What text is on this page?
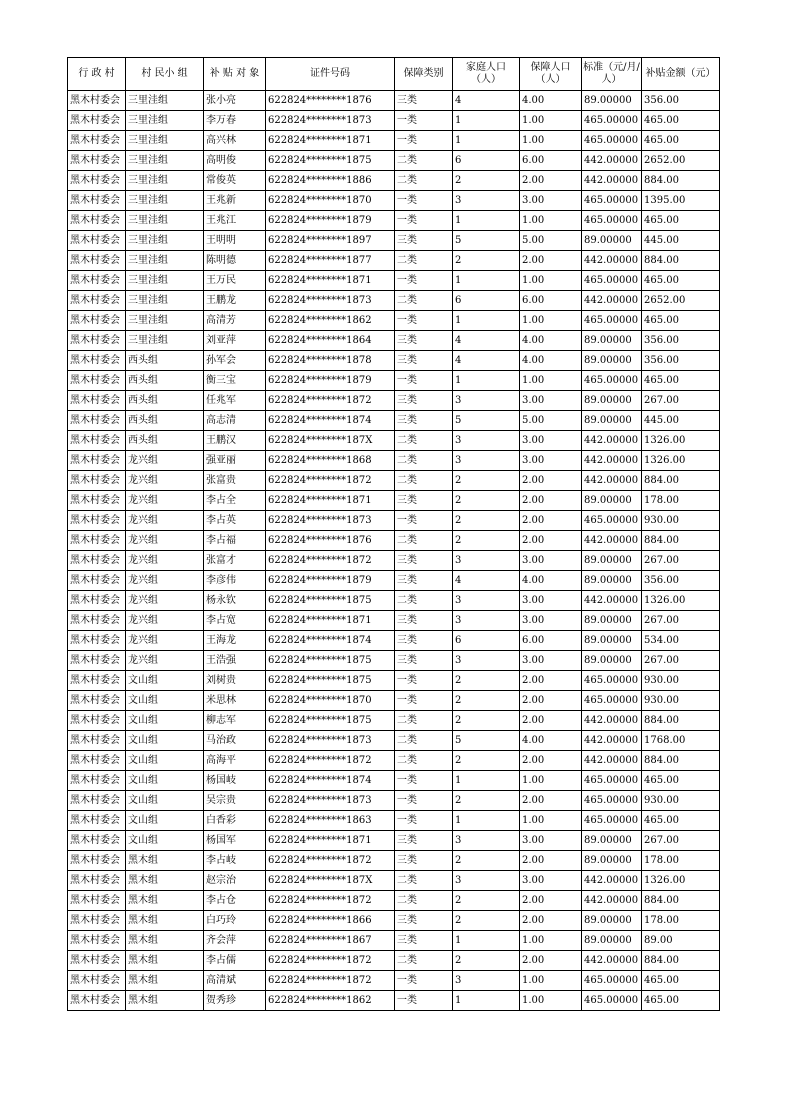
行 政 村	村 民小 组	补 贴 对 象	证件号码	保障类别	家庭人口（人）	保障人口（人）	标准（元/月/人）	补贴金额（元）
黑木村委会	三里洼组	张小亮	622824********1876	三类	4	4.00	89.00000	356.00
黑木村委会	三里洼组	李万春	622824********1873	一类	1	1.00	465.00000	465.00
黑木村委会	三里洼组	高兴林	622824********1871	一类	1	1.00	465.00000	465.00
黑木村委会	三里洼组	高明俊	622824********1875	二类	6	6.00	442.00000	2652.00
黑木村委会	三里洼组	常俊英	622824********1886	二类	2	2.00	442.00000	884.00
黑木村委会	三里洼组	王兆新	622824********1870	一类	3	3.00	465.00000	1395.00
黑木村委会	三里洼组	王兆江	622824********1879	一类	1	1.00	465.00000	465.00
黑木村委会	三里洼组	王明明	622824********1897	三类	5	5.00	89.00000	445.00
黑木村委会	三里洼组	陈明德	622824********1877	二类	2	2.00	442.00000	884.00
黑木村委会	三里洼组	王万民	622824********1871	一类	1	1.00	465.00000	465.00
黑木村委会	三里洼组	王鹏龙	622824********1873	二类	6	6.00	442.00000	2652.00
黑木村委会	三里洼组	高清芳	622824********1862	一类	1	1.00	465.00000	465.00
黑木村委会	三里洼组	刘亚萍	622824********1864	三类	4	4.00	89.00000	356.00
黑木村委会	西头组	孙军会	622824********1878	三类	4	4.00	89.00000	356.00
黑木村委会	西头组	衡三宝	622824********1879	一类	1	1.00	465.00000	465.00
黑木村委会	西头组	任兆军	622824********1872	三类	3	3.00	89.00000	267.00
黑木村委会	西头组	高志清	622824********1874	三类	5	5.00	89.00000	445.00
黑木村委会	西头组	王鹏汉	622824********187X	二类	3	3.00	442.00000	1326.00
黑木村委会	龙兴组	强亚丽	622824********1868	二类	3	3.00	442.00000	1326.00
黑木村委会	龙兴组	张富贵	622824********1872	二类	2	2.00	442.00000	884.00
黑木村委会	龙兴组	李占全	622824********1871	三类	2	2.00	89.00000	178.00
黑木村委会	龙兴组	李占英	622824********1873	一类	2	2.00	465.00000	930.00
黑木村委会	龙兴组	李占福	622824********1876	二类	2	2.00	442.00000	884.00
黑木村委会	龙兴组	张富才	622824********1872	三类	3	3.00	89.00000	267.00
黑木村委会	龙兴组	李彦伟	622824********1879	三类	4	4.00	89.00000	356.00
黑木村委会	龙兴组	杨永钦	622824********1875	二类	3	3.00	442.00000	1326.00
黑木村委会	龙兴组	李占宽	622824********1871	三类	3	3.00	89.00000	267.00
黑木村委会	龙兴组	王海龙	622824********1874	三类	6	6.00	89.00000	534.00
黑木村委会	龙兴组	王浩强	622824********1875	三类	3	3.00	89.00000	267.00
黑木村委会	文山组	刘树贵	622824********1875	一类	2	2.00	465.00000	930.00
黑木村委会	文山组	米思林	622824********1870	一类	2	2.00	465.00000	930.00
黑木村委会	文山组	柳志军	622824********1875	二类	2	2.00	442.00000	884.00
黑木村委会	文山组	马治政	622824********1873	二类	5	4.00	442.00000	1768.00
黑木村委会	文山组	高海平	622824********1872	二类	2	2.00	442.00000	884.00
黑木村委会	文山组	杨国岐	622824********1874	一类	1	1.00	465.00000	465.00
黑木村委会	文山组	吴宗贵	622824********1873	一类	2	2.00	465.00000	930.00
黑木村委会	文山组	白香彩	622824********1863	一类	1	1.00	465.00000	465.00
黑木村委会	文山组	杨国军	622824********1871	三类	3	3.00	89.00000	267.00
黑木村委会	黑木组	李占岐	622824********1872	三类	2	2.00	89.00000	178.00
黑木村委会	黑木组	赵宗治	622824********187X	二类	3	3.00	442.00000	1326.00
黑木村委会	黑木组	李占仓	622824********1872	二类	2	2.00	442.00000	884.00
黑木村委会	黑木组	白巧玲	622824********1866	三类	2	2.00	89.00000	178.00
黑木村委会	黑木组	齐会萍	622824********1867	三类	1	1.00	89.00000	89.00
黑木村委会	黑木组	李占儒	622824********1872	二类	2	2.00	442.00000	884.00
黑木村委会	黑木组	高清斌	622824********1872	一类	3	1.00	465.00000	465.00
黑木村委会	黑木组	贺秀珍	622824********1862	一类	1	1.00	465.00000	465.00
